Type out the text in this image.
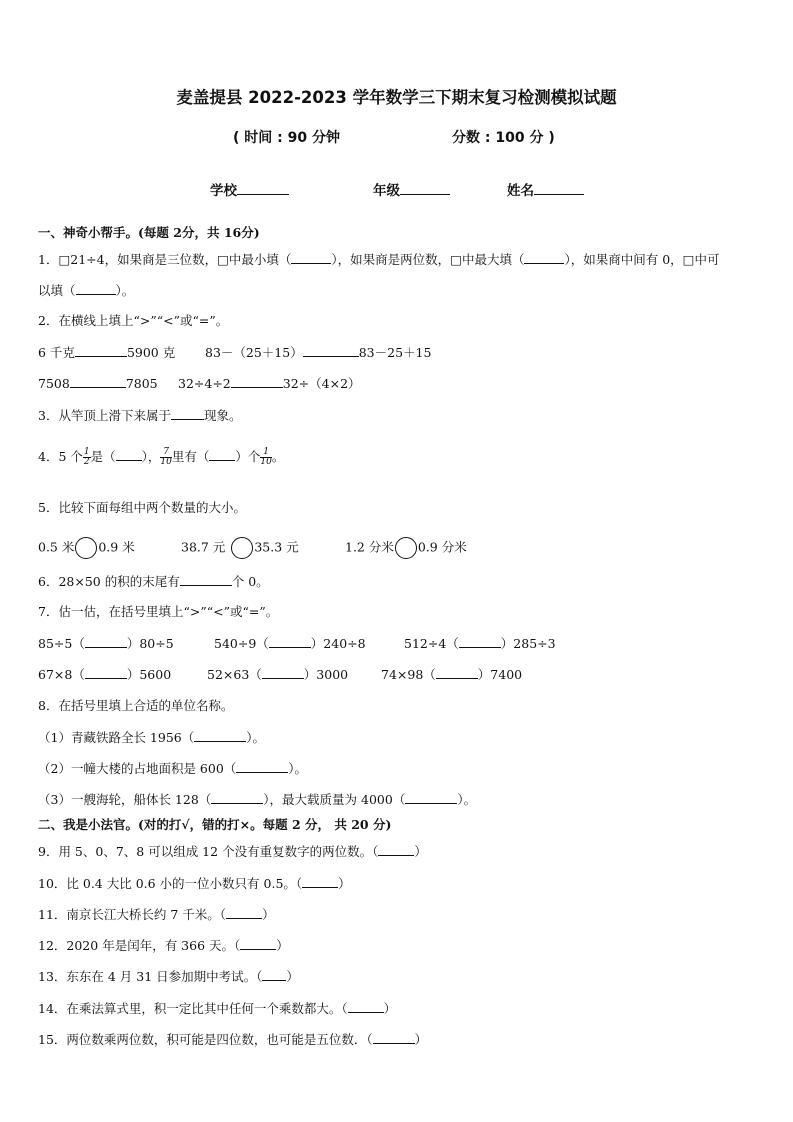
麦盖提县 2022-2023 学年数学三下期末复习检测模拟试题
( 时间 : 90 分钟	分数 : 100 分 )
学校	年级	姓名
一、神奇小帮手。(每题 2分，共 16分)
1．□21÷4，如果商是三位数，□中最小填（	），如果商是两位数，□中最大填（	），如果商中间有 0，□中可
以填（	）。
2．在横线上填上“>”“<”或“=”。
6 千克	5900 克 83－（25＋15）	83－25＋15
7508	7805 32÷4÷2	32÷（4×2）
3．从竿顶上滑下来属于	现象。
4．5 个 $\frac{1}{2}$ 是（ ）， $\frac{7}{10}$ 里有（ ）个 $\frac{1}{10}$ 。
5．比较下面每组中两个数量的大小。
0.5 米 0.9 米	38.7 元 35.3 元	1.2 分米 0.9 分米
6．28×50 的积的末尾有	个 0。
7．估一估，在括号里填上“>”“<”或“=”。
85÷5（	）80÷5	540÷9（	）240÷8	512÷4（	）285÷3
67×8（	）5600	52×63（	）3000	74×98（	）7400
8．在括号里填上合适的单位名称。
（1）青藏铁路全长 1956（	）。
（2）一幢大楼的占地面积是 600（	）。
（3）一艘海轮，船体长 128（	），最大载质量为 4000（	）。
二、我是小法官。(对的打√，错的打×。每题 2 分， 共 20 分)
9．用 5、0、7、8 可以组成 12 个没有重复数字的两位数。（	）
10．比 0.4 大比 0.6 小的一位小数只有 0.5。（	）
11．南京长江大桥长约 7 千米。（	）
12．2020 年是闰年，有 366 天。（	）
13．东东在 4 月 31 日参加期中考试。（ ）
14．在乘法算式里，积一定比其中任何一个乘数都大。（	）
15．两位数乘两位数，积可能是四位数，也可能是五位数．（	）
